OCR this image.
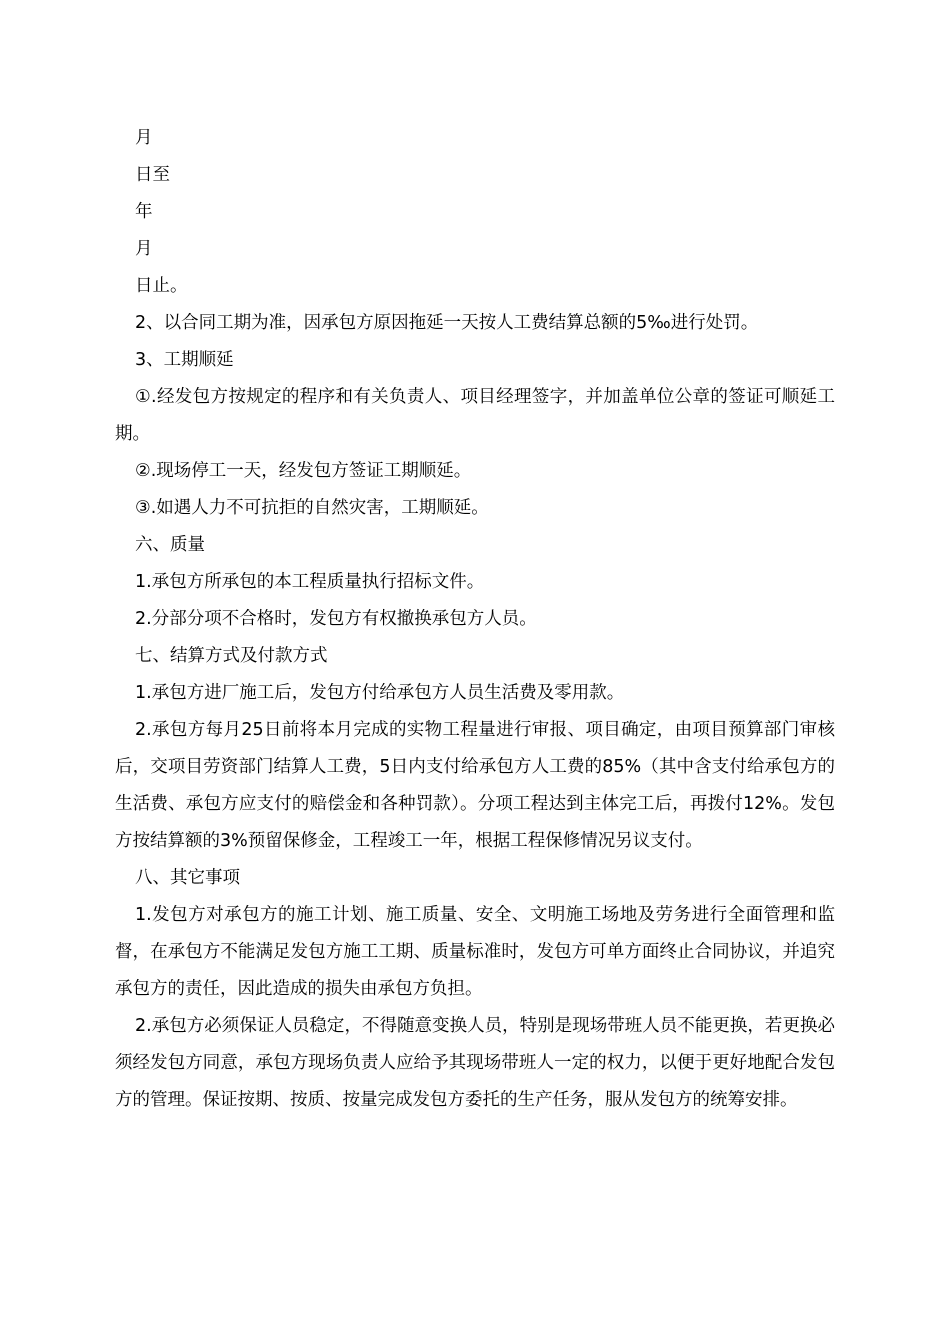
月

日至

年

月

日止。

2、以合同工期为准，因承包方原因拖延一天按人工费结算总额的5‰进行处罚。

3、工期顺延

①.经发包方按规定的程序和有关负责人、项目经理签字，并加盖单位公章的签证可顺延工期。

②.现场停工一天，经发包方签证工期顺延。

③.如遇人力不可抗拒的自然灾害，工期顺延。

六、质量

1.承包方所承包的本工程质量执行招标文件。

2.分部分项不合格时，发包方有权撤换承包方人员。

七、结算方式及付款方式

1.承包方进厂施工后，发包方付给承包方人员生活费及零用款。

2.承包方每月25日前将本月完成的实物工程量进行审报、项目确定，由项目预算部门审核后，交项目劳资部门结算人工费，5日内支付给承包方人工费的85%（其中含支付给承包方的生活费、承包方应支付的赔偿金和各种罚款）。分项工程达到主体完工后，再拨付12%。发包方按结算额的3%预留保修金，工程竣工一年，根据工程保修情况另议支付。

八、其它事项

1.发包方对承包方的施工计划、施工质量、安全、文明施工场地及劳务进行全面管理和监督，在承包方不能满足发包方施工工期、质量标准时，发包方可单方面终止合同协议，并追究承包方的责任，因此造成的损失由承包方负担。

2.承包方必须保证人员稳定，不得随意变换人员，特别是现场带班人员不能更换，若更换必须经发包方同意，承包方现场负责人应给予其现场带班人一定的权力，以便于更好地配合发包方的管理。保证按期、按质、按量完成发包方委托的生产任务，服从发包方的统筹安排。
